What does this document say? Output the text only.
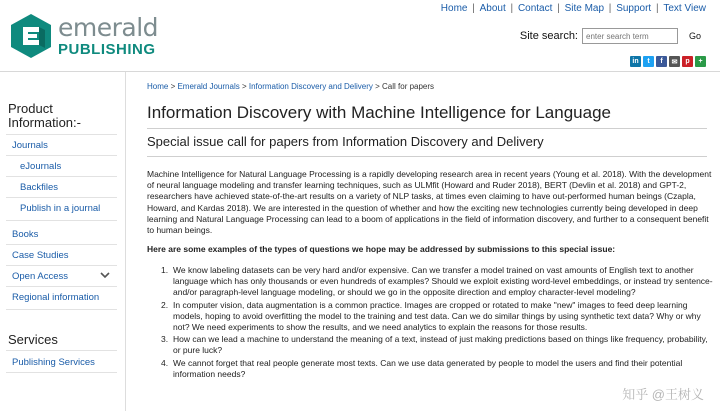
emerald
PUBLISHING
Home | About | Contact | Site Map | Support | Text View
Site search:
enter search term	Go
in	t	f	✉	p	+
Product Information:-
Journals
eJournals
Backfiles
Publish in a journal
Books
Case Studies
Open Access
Regional information
Services
Publishing Services
Home > Emerald Journals > Information Discovery and Delivery > Call for papers
Information Discovery with Machine Intelligence for Language
Special issue call for papers from Information Discovery and Delivery

Machine Intelligence for Natural Language Processing is a rapidly developing research area in recent years (Young et al. 2018). With the development of neural language modeling and transfer learning techniques, such as ULMfit (Howard and Ruder 2018), BERT (Devlin et al. 2018) and GPT-2, researchers have achieved state-of-the-art results on a variety of NLP tasks, at times even claiming to have out-performed human beings (Czapla, Howard, and Kardas 2018). We are interested in the question of whether and how the exciting new technologies currently being developed in deep learning and Natural Language Processing can lead to a boom of applications in the field of information discovery, and further to a consequent benefit to human beings.

Here are some examples of the types of questions we hope may be addressed by submissions to this special issue:

1. We know labeling datasets can be very hard and/or expensive. Can we transfer a model trained on vast amounts of English text to another language which has only thousands or even hundreds of examples? Should we exploit existing word-level embeddings, or instead try sentence- and/or paragraph-level language modeling, or should we go in the opposite direction and employ character-level modeling?
2. In computer vision, data augmentation is a common practice. Images are cropped or rotated to make "new" images to feed deep learning models, hoping to avoid overfitting the model to the training and test data. Can we do similar things by using synthetic text data? Why or why not? We need experiments to show the results, and we need analytics to explain the reasons for those results.
3. How can we lead a machine to understand the meaning of a text, instead of just making predictions based on things like frequency, probability, or pure luck?
4. We cannot forget that real people generate most texts. Can we use data generated by people to model the users and find their potential information needs?
知乎 @王树义
